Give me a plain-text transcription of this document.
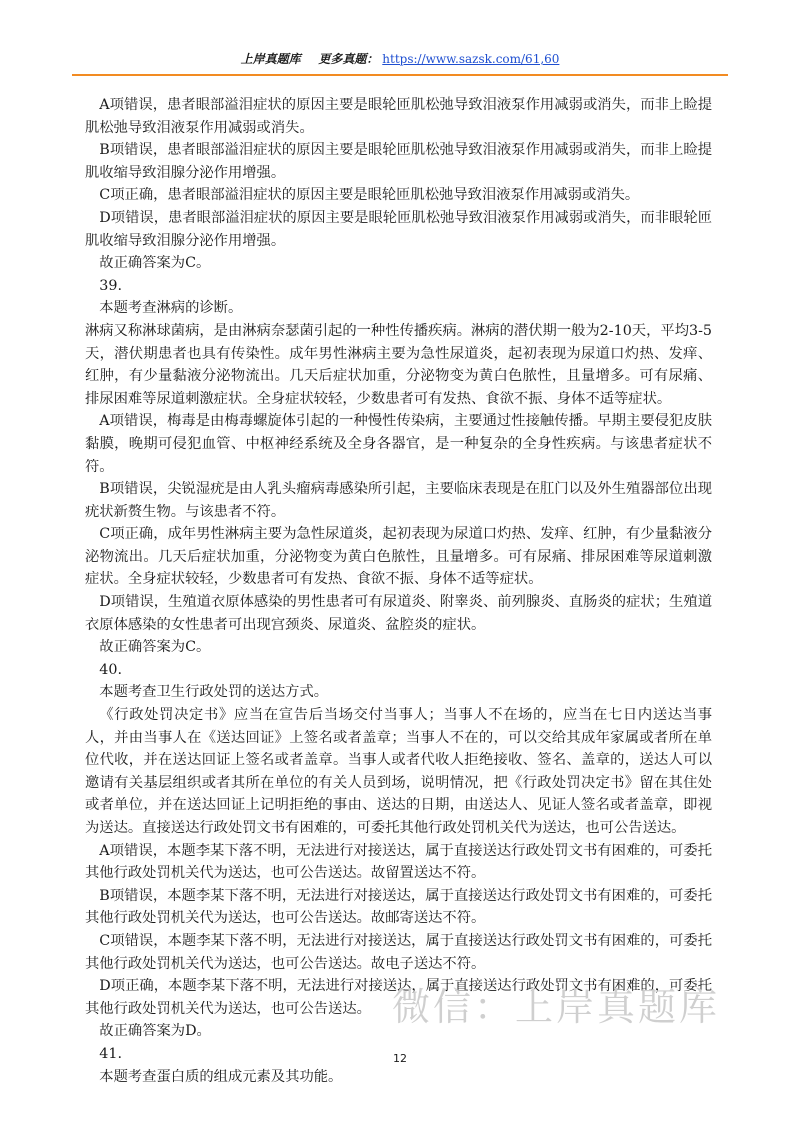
上岸真题库 更多真题： https://www.sazsk.com/61,60

A项错误，患者眼部溢泪症状的原因主要是眼轮匝肌松弛导致泪液泵作用减弱或消失，而非上睑提肌松弛导致泪液泵作用减弱或消失。

B项错误，患者眼部溢泪症状的原因主要是眼轮匝肌松弛导致泪液泵作用减弱或消失，而非上睑提肌收缩导致泪腺分泌作用增强。

C项正确，患者眼部溢泪症状的原因主要是眼轮匝肌松弛导致泪液泵作用减弱或消失。

D项错误，患者眼部溢泪症状的原因主要是眼轮匝肌松弛导致泪液泵作用减弱或消失，而非眼轮匝肌收缩导致泪腺分泌作用增强。

故正确答案为C。

39.

本题考查淋病的诊断。

淋病又称淋球菌病，是由淋病奈瑟菌引起的一种性传播疾病。淋病的潜伏期一般为2-10天，平均3-5天，潜伏期患者也具有传染性。成年男性淋病主要为急性尿道炎，起初表现为尿道口灼热、发痒、红肿，有少量黏液分泌物流出。几天后症状加重，分泌物变为黄白色脓性，且量增多。可有尿痛、排尿困难等尿道刺激症状。全身症状较轻，少数患者可有发热、食欲不振、身体不适等症状。

A项错误，梅毒是由梅毒螺旋体引起的一种慢性传染病，主要通过性接触传播。早期主要侵犯皮肤黏膜，晚期可侵犯血管、中枢神经系统及全身各器官，是一种复杂的全身性疾病。与该患者症状不符。

B项错误，尖锐湿疣是由人乳头瘤病毒感染所引起，主要临床表现是在肛门以及外生殖器部位出现疣状新赘生物。与该患者不符。

C项正确，成年男性淋病主要为急性尿道炎，起初表现为尿道口灼热、发痒、红肿，有少量黏液分泌物流出。几天后症状加重，分泌物变为黄白色脓性，且量增多。可有尿痛、排尿困难等尿道刺激症状。全身症状较轻，少数患者可有发热、食欲不振、身体不适等症状。

D项错误，生殖道衣原体感染的男性患者可有尿道炎、附睾炎、前列腺炎、直肠炎的症状；生殖道衣原体感染的女性患者可出现宫颈炎、尿道炎、盆腔炎的症状。

故正确答案为C。

40.

本题考查卫生行政处罚的送达方式。

《行政处罚决定书》应当在宣告后当场交付当事人；当事人不在场的，应当在七日内送达当事人，并由当事人在《送达回证》上签名或者盖章；当事人不在的，可以交给其成年家属或者所在单位代收，并在送达回证上签名或者盖章。当事人或者代收人拒绝接收、签名、盖章的，送达人可以邀请有关基层组织或者其所在单位的有关人员到场，说明情况，把《行政处罚决定书》留在其住处或者单位，并在送达回证上记明拒绝的事由、送达的日期，由送达人、见证人签名或者盖章，即视为送达。直接送达行政处罚文书有困难的，可委托其他行政处罚机关代为送达，也可公告送达。

A项错误，本题李某下落不明，无法进行对接送达，属于直接送达行政处罚文书有困难的，可委托其他行政处罚机关代为送达，也可公告送达。故留置送达不符。

B项错误，本题李某下落不明，无法进行对接送达，属于直接送达行政处罚文书有困难的，可委托其他行政处罚机关代为送达，也可公告送达。故邮寄送达不符。

C项错误，本题李某下落不明，无法进行对接送达，属于直接送达行政处罚文书有困难的，可委托其他行政处罚机关代为送达，也可公告送达。故电子送达不符。

D项正确，本题李某下落不明，无法进行对接送达，属于直接送达行政处罚文书有困难的，可委托其他行政处罚机关代为送达，也可公告送达。

故正确答案为D。

41.

本题考查蛋白质的组成元素及其功能。

微信：上岸真题库
12
